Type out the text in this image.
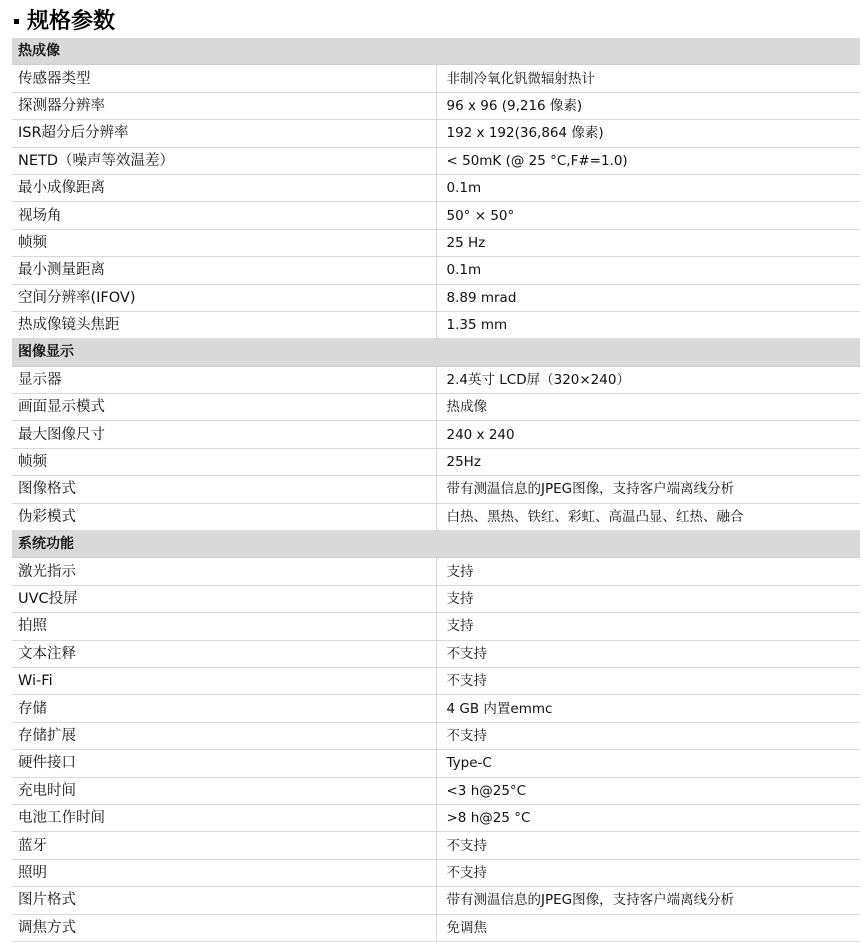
规格参数
热成像	
传感器类型	非制冷氧化钒微辐射热计
探测器分辨率	96 x 96 (9,216 像素)
ISR超分后分辨率	192 x 192(36,864 像素)
NETD（噪声等效温差）	< 50mK (@ 25 °C,F#=1.0)
最小成像距离	0.1m
视场角	50° × 50°
帧频	25 Hz
最小测量距离	0.1m
空间分辨率(IFOV)	8.89 mrad
热成像镜头焦距	1.35 mm
图像显示	
显示器	2.4英寸 LCD屏（320×240）
画面显示模式	热成像
最大图像尺寸	240 x 240
帧频	25Hz
图像格式	带有测温信息的JPEG图像，支持客户端离线分析
伪彩模式	白热、黑热、铁红、彩虹、高温凸显、红热、融合
系统功能	
激光指示	支持
UVC投屏	支持
拍照	支持
文本注释	不支持
Wi-Fi	不支持
存储	4 GB 内置emmc
存储扩展	不支持
硬件接口	Type-C
充电时间	<3 h@25°C
电池工作时间	>8 h@25 °C
蓝牙	不支持
照明	不支持
图片格式	带有测温信息的JPEG图像，支持客户端离线分析
调焦方式	免调焦
